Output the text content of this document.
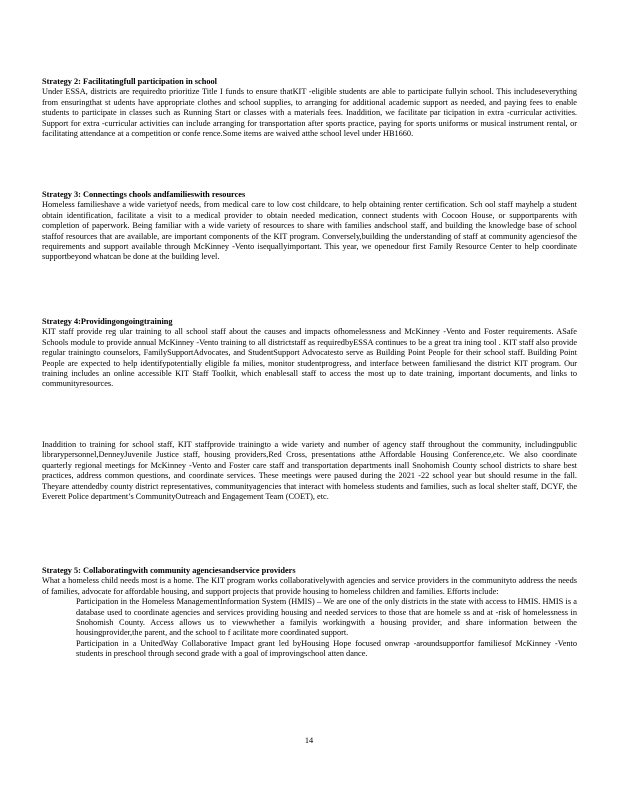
Strategy 2: Facilitatingfull participation in school

Under ESSA, districts are requiredto prioritize Title I funds to ensure thatKIT -eligible students are able to participate fullyin school. This includeseverything from ensuringthat st udents have appropriate clothes and school supplies, to arranging for additional academic support as needed, and paying fees to enable students to participate in classes such as Running Start or classes with a materials fees. Inaddition, we facilitate par ticipation in extra -curricular activities. Support for extra -curricular activities can include arranging for transportation after sports practice, paying for sports uniforms or musical instrument rental, or facilitating attendance at a competition or confe rence.Some items are waived atthe school level under HB1660.

Strategy 3: Connectings chools andfamilieswith resources

Homeless familieshave a wide varietyof needs, from medical care to low cost childcare, to help obtaining renter certification. Sch ool staff mayhelp a student obtain identification, facilitate a visit to a medical provider to obtain needed medication, connect students with Cocoon House, or supportparents with completion of paperwork. Being familiar with a wide variety of resources to share with families andschool staff, and building the knowledge base of school staffof resources that are available, are important components of the KIT program. Conversely,building the understanding of staff at community agenciesof the requirements and support available through McKinney -Vento isequallyimportant. This year, we openedour first Family Resource Center to help coordinate supportbeyond whatcan be done at the building level.

Strategy 4:Providingongoingtraining

KIT staff provide reg ular training to all school staff about the causes and impacts ofhomelessness and McKinney -Vento and Foster requirements. ASafe Schools module to provide annual McKinney -Vento training to all districtstaff as requiredbyESSA continues to be a great tra ining tool . KIT staff also provide regular trainingto counselors, FamilySupportAdvocates, and StudentSupport Advocatesto serve as Building Point People for their school staff. Building Point People are expected to help identifypotentially eligible fa milies, monitor studentprogress, and interface between familiesand the district KIT program. Our training includes an online accessible KIT Staff Toolkit, which enablesall staff to access the most up to date training, important documents, and links to communityresources.

Inaddition to training for school staff, KIT staffprovide trainingto a wide variety and number of agency staff throughout the community, includingpublic librarypersonnel,DenneyJuvenile Justice staff, housing providers,Red Cross, presentations atthe Affordable Housing Conference,etc. We also coordinate quarterly regional meetings for McKinney -Vento and Foster care staff and transportation departments inall Snohomish County school districts to share best practices, address common questions, and coordinate services. These meetings were paused during the 2021 -22 school year but should resume in the fall. Theyare attendedby county district representatives, communityagencies that interact with homeless students and families, such as local shelter staff, DCYF, the Everett Police department’s CommunityOutreach and Engagement Team (COET), etc.

Strategy 5: Collaboratingwith community agenciesandservice providers

What a homeless child needs most is a home. The KIT program works collaborativelywith agencies and service providers in the communityto address the needs of families, advocate for affordable housing, and support projects that provide housing to homeless children and families. Efforts include:

Participation in the Homeless ManagementInformation System (HMIS) – We are one of the only districts in the state with access to HMIS. HMIS is a database used to coordinate agencies and services providing housing and needed services to those that are homele ss and at -risk of homelessness in Snohomish County. Access allows us to viewwhether a familyis workingwith a housing provider, and share information between the housingprovider,the parent, and the school to f acilitate more coordinated support.
Participation in a UnitedWay Collaborative Impact grant led byHousing Hope focused onwrap -aroundsupportfor familiesof McKinney -Vento students in preschool through second grade with a goal of improvingschool atten dance.
14
